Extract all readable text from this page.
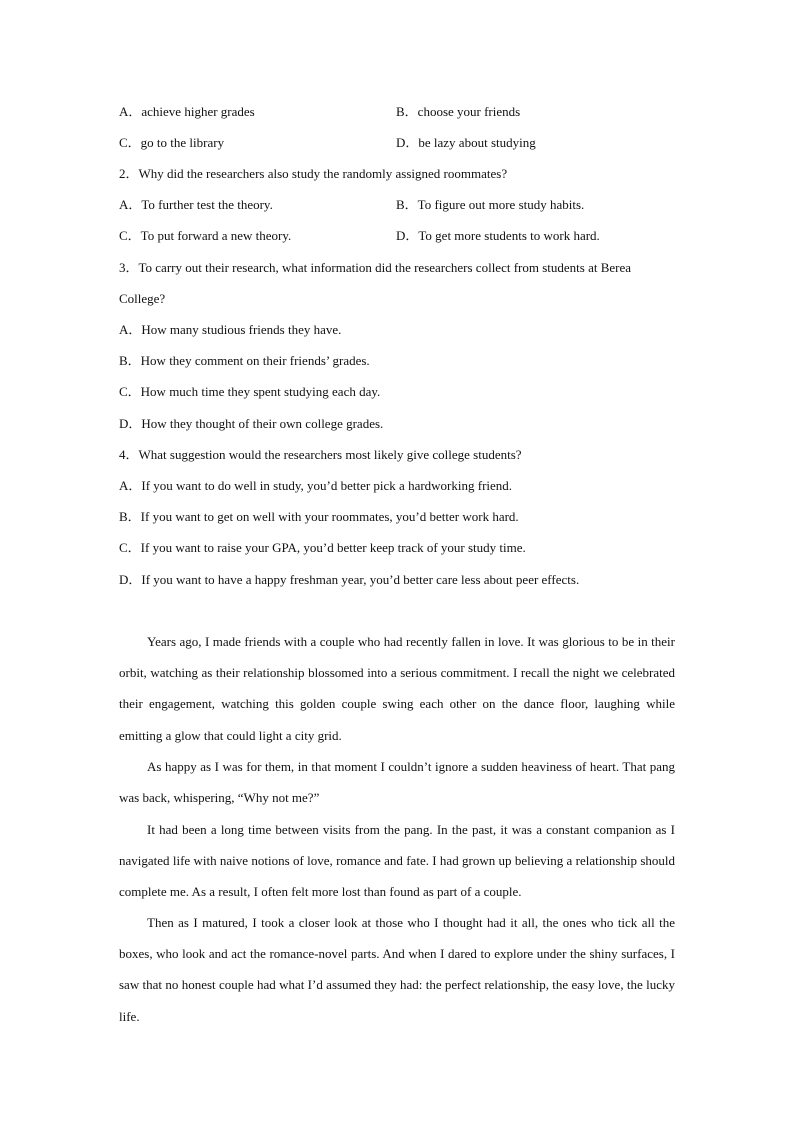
A．achieve higher grades	B．choose your friends
C．go to the library	D．be lazy about studying
2．Why did the researchers also study the randomly assigned roommates?
A．To further test the theory.	B．To figure out more study habits.
C．To put forward a new theory.	D．To get more students to work hard.
3．To carry out their research, what information did the researchers collect from students at Berea
College?
A．How many studious friends they have.
B．How they comment on their friends’ grades.
C．How much time they spent studying each day.
D．How they thought of their own college grades.
4．What suggestion would the researchers most likely give college students?
A．If you want to do well in study, you’d better pick a hardworking friend.
B．If you want to get on well with your roommates, you’d better work hard.
C．If you want to raise your GPA, you’d better keep track of your study time.
D．If you want to have a happy freshman year, you’d better care less about peer effects.

Years ago, I made friends with a couple who had recently fallen in love. It was glorious to be in their orbit, watching as their relationship blossomed into a serious commitment. I recall the night we celebrated their engagement, watching this golden couple swing each other on the dance floor, laughing while emitting a glow that could light a city grid.

As happy as I was for them, in that moment I couldn’t ignore a sudden heaviness of heart. That pang was back, whispering, “Why not me?”

It had been a long time between visits from the pang. In the past, it was a constant companion as I navigated life with naive notions of love, romance and fate. I had grown up believing a relationship should complete me. As a result, I often felt more lost than found as part of a couple.

Then as I matured, I took a closer look at those who I thought had it all, the ones who tick all the boxes, who look and act the romance-novel parts. And when I dared to explore under the shiny surfaces, I saw that no honest couple had what I’d assumed they had: the perfect relationship, the easy love, the lucky life.
